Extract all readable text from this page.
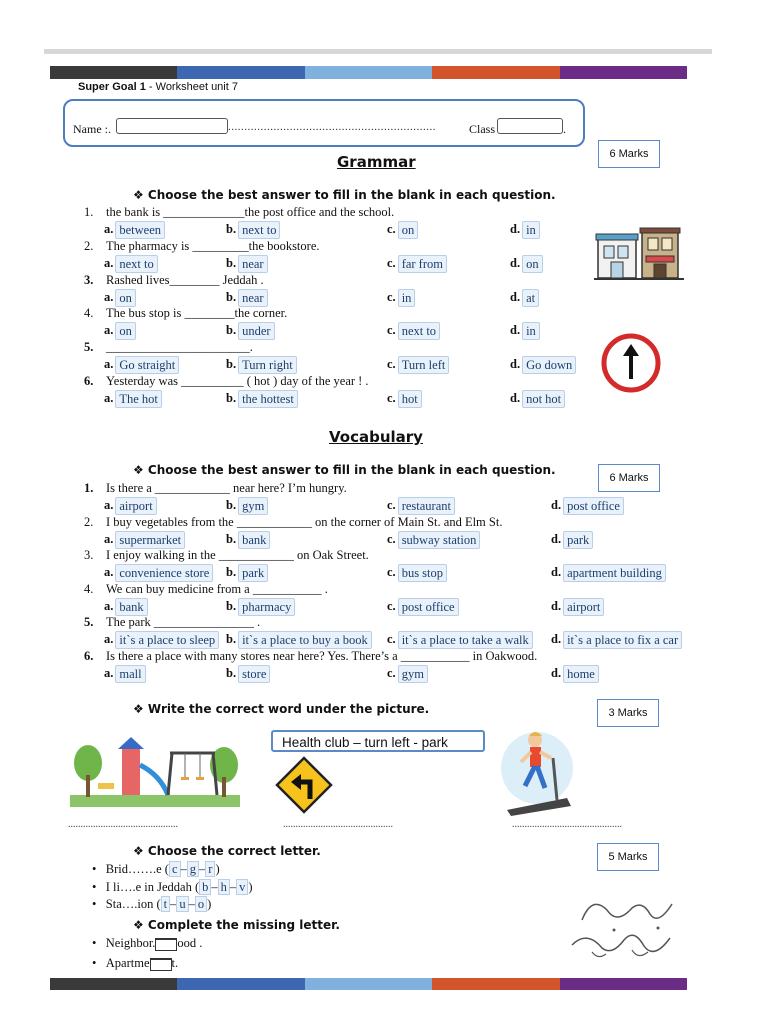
Super Goal 1 - Worksheet unit 7
Name :.	................................................................	Class	.
Grammar	6 Marks
❖ Choose the best answer to fill in the blank in each question.
1. the bank is _____________the post office and the school.
a. between	b. next to	c. on	d. in
2. The pharmacy is _________the bookstore.
a. next to	b. near	c. far from	d. on
3. Rashed lives________ Jeddah .
a. on	b. near	c. in	d. at
4. The bus stop is ________the corner.
a. on	b. under	c. next to	d. in
5. _______________________.
a. Go straight	b. Turn right	c. Turn left	d. Go down
6. Yesterday was __________ ( hot ) day of the year ! .
a. The hot	b. the hottest	c. hot	d. not hot
Vocabulary
6 Marks
❖ Choose the best answer to fill in the blank in each question.
1. Is there a ____________ near here? I’m hungry.
a. airport	b. gym	c. restaurant	d. post office
2. I buy vegetables from the ____________ on the corner of Main St. and Elm St.
a. supermarket	b. bank	c. subway station	d. park
3. I enjoy walking in the ____________ on Oak Street.
a. convenience store	b. park	c. bus stop	d. apartment building
4. We can buy medicine from a ___________ .
a. bank	b. pharmacy	c. post office	d. airport
5. The park ________________ .
a. it`s a place to sleep b. it`s a place to buy a book	c. it`s a place to take a walk	d. it`s a place to fix a car
6. Is there a place with many stores near here? Yes. There’s a ___________ in Oakwood.
a. mall	b. store	c. gym	d. home
❖ Write the correct word under the picture.	3 Marks
Health club – turn left - park
............................................	............................................	............................................
❖ Choose the correct letter.	5 Marks
• Brid…….e ( c – g – r )
• I li….e in Jeddah ( b – h – v )
• Sta….ion ( t – u – o )
❖ Complete the missing letter.
• Neighbor. ood .
• Apartme t.
